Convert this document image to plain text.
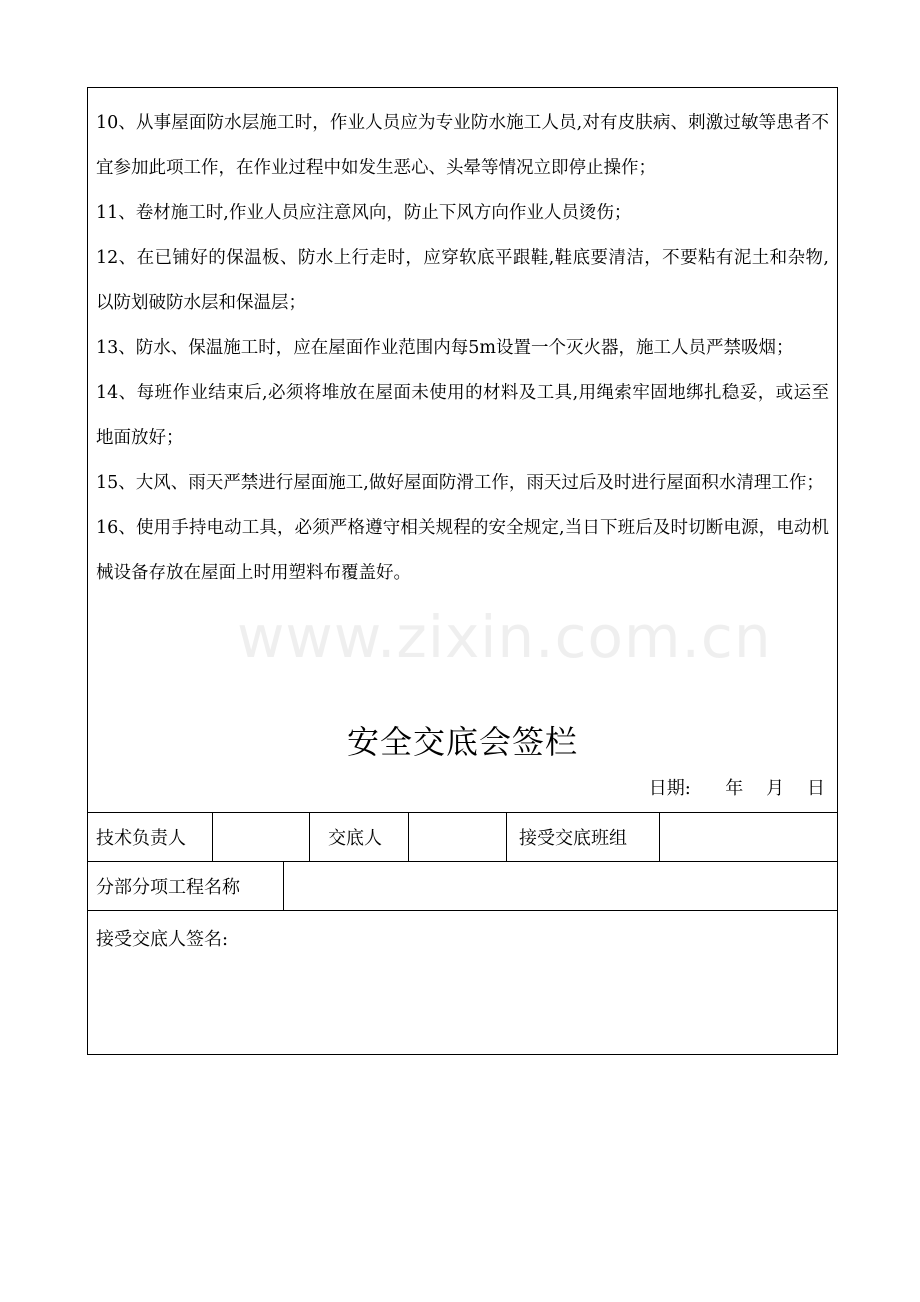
10、从事屋面防水层施工时，作业人员应为专业防水施工人员,对有皮肤病、刺激过敏等患者不宜参加此项工作，在作业过程中如发生恶心、头晕等情况立即停止操作；

11、卷材施工时,作业人员应注意风向，防止下风方向作业人员烫伤；

12、在已铺好的保温板、防水上行走时，应穿软底平跟鞋,鞋底要清洁，不要粘有泥土和杂物,以防划破防水层和保温层；

13、防水、保温施工时，应在屋面作业范围内每5m设置一个灭火器，施工人员严禁吸烟；

14、每班作业结束后,必须将堆放在屋面未使用的材料及工具,用绳索牢固地绑扎稳妥，或运至地面放好；

15、大风、雨天严禁进行屋面施工,做好屋面防滑工作，雨天过后及时进行屋面积水清理工作；

16、使用手持电动工具，必须严格遵守相关规程的安全规定,当日下班后及时切断电源，电动机械设备存放在屋面上时用塑料布覆盖好。

安全交底会签栏
日期: 年 月 日
技术负责人	交底人	接受交底班组
分部分项工程名称
接受交底人签名:
www.zixin.com.cn
